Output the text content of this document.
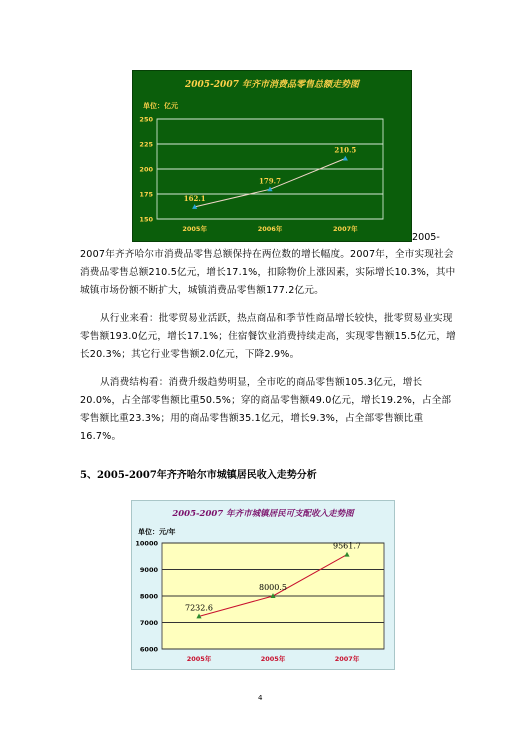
2005-2007 年齐市消费品零售总额走势图
单位：亿元
250
225
200
175
150
2005年	2006年	2007年
162.1
179.7
210.5
2005-
2007年齐齐哈尔市消费品零售总额保持在两位数的增长幅度。2007年，全市实现社会消费品零售总额210.5亿元，增长17.1%，扣除物价上涨因素，实际增长10.3%，其中城镇市场份额不断扩大，城镇消费品零售额177.2亿元。
从行业来看：批零贸易业活跃，热点商品和季节性商品增长较快，批零贸易业实现零售额193.0亿元，增长17.1%；住宿餐饮业消费持续走高，实现零售额15.5亿元，增长20.3%；其它行业零售额2.0亿元，下降2.9%。
从消费结构看：消费升级趋势明显，全市吃的商品零售额105.3亿元，增长20.0%，占全部零售额比重50.5%；穿的商品零售额49.0亿元，增长19.2%，占全部零售额比重23.3%；用的商品零售额35.1亿元，增长9.3%，占全部零售额比重16.7%。
5、2005-2007年齐齐哈尔市城镇居民收入走势分析
2005-2007 年齐市城镇居民可支配收入走势图
单位：元/年
10000
9000
8000
7000
6000
2005年	2005年	2007年
7232.6
8000.5
9561.7
4
